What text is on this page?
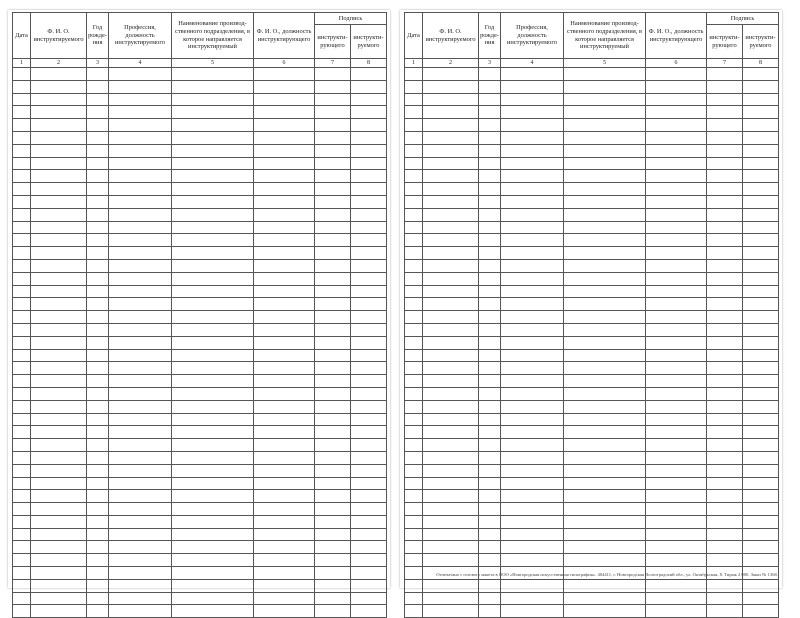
Дата	Ф. И. О. инструктируемого	Год рожде- ния	Профессия, должность инструктируемого	Наименование производ- ственного подразделения, в которое направляется инструктируемый	Ф. И. О., должность инструктирующего	Подпись	
						инструкти- рующего	инструкти- руемого
1	2	3	4	5	6	7	8

Дата	Ф. И. О. инструктируемого	Год рожде- ния	Профессия, должность инструктируемого	Наименование производ- ственного подразделения, в которое направляется инструктируемый	Ф. И. О., должность инструктирующего	Подпись	
						инструкти- рующего	инструкти- руемого
1	2	3	4	5	6	7	8

Отпечатано с готового макета в ООО «Новгородская искусственная типография». 404411, г. Новгородская Волгоградский обл., ул. Октябрьская, 8. Тираж 2 000. Заказ № 1368.
